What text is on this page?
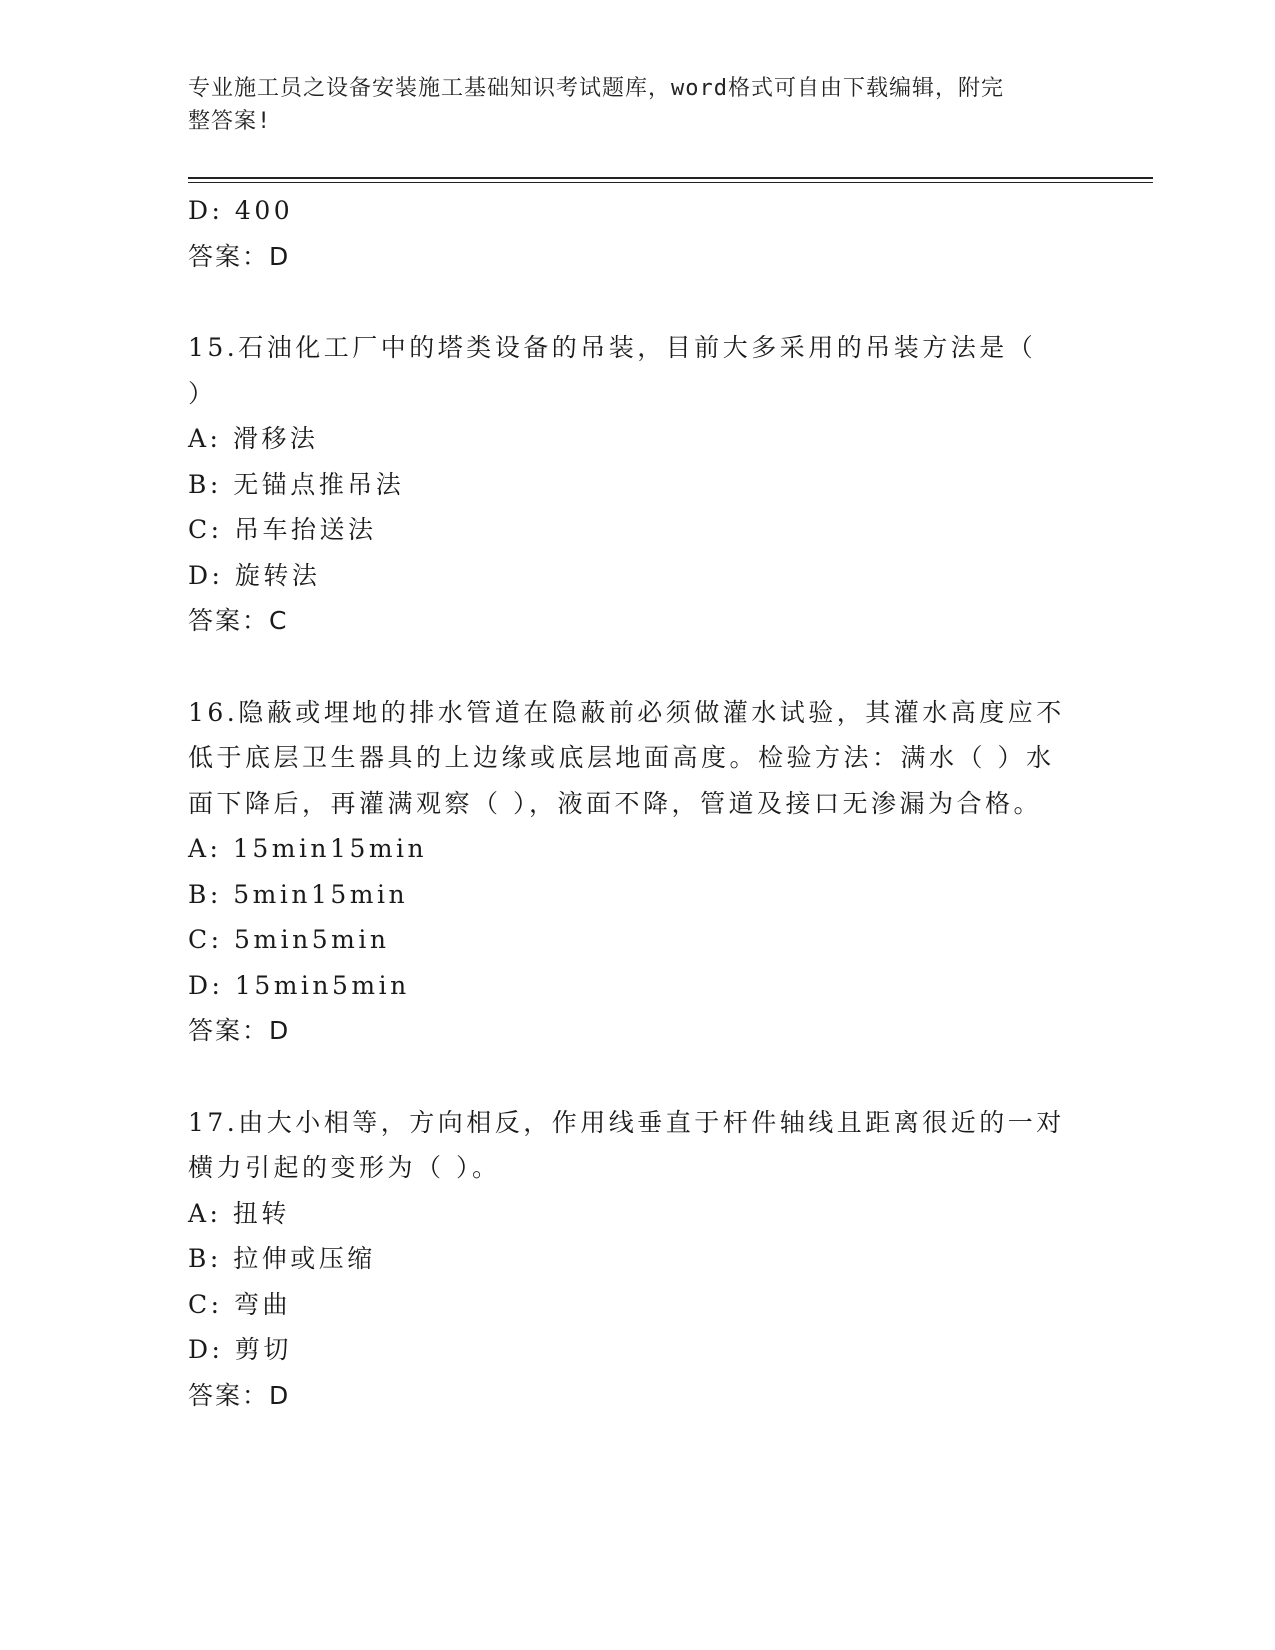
专业施工员之设备安装施工基础知识考试题库，word格式可自由下载编辑，附完
整答案!
D: 400
答案：D
15.石油化工厂中的塔类设备的吊装，目前大多采用的吊装方法是（
）
A: 滑移法
B: 无锚点推吊法
C: 吊车抬送法
D: 旋转法
答案：C
16.隐蔽或埋地的排水管道在隐蔽前必须做灌水试验，其灌水高度应不
低于底层卫生器具的上边缘或底层地面高度。检验方法：满水（ ）水
面下降后，再灌满观察（ ），液面不降，管道及接口无渗漏为合格。
A: 15min15min
B: 5min15min
C: 5min5min
D: 15min5min
答案：D
17.由大小相等，方向相反，作用线垂直于杆件轴线且距离很近的一对
横力引起的变形为（ ）。
A: 扭转
B: 拉伸或压缩
C: 弯曲
D: 剪切
答案：D
